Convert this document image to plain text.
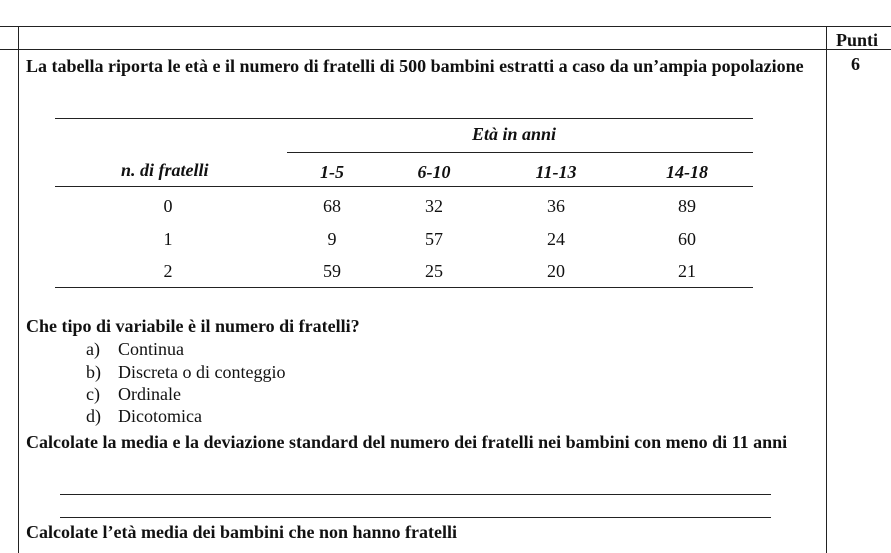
Punti
6
La tabella riporta le età e il numero di fratelli di 500 bambini estratti a caso da un’ampia popolazione
Età in anni
n. di fratelli	1-5	6-10	11-13	14-18
0	68	32	36	89
1	9	57	24	60
2	59	25	20	21
Che tipo di variabile è il numero di fratelli?
a) Continua
b) Discreta o di conteggio
c) Ordinale
d) Dicotomica
Calcolate la media e la deviazione standard del numero dei fratelli nei bambini con meno di 11 anni
Calcolate l’età media dei bambini che non hanno fratelli
